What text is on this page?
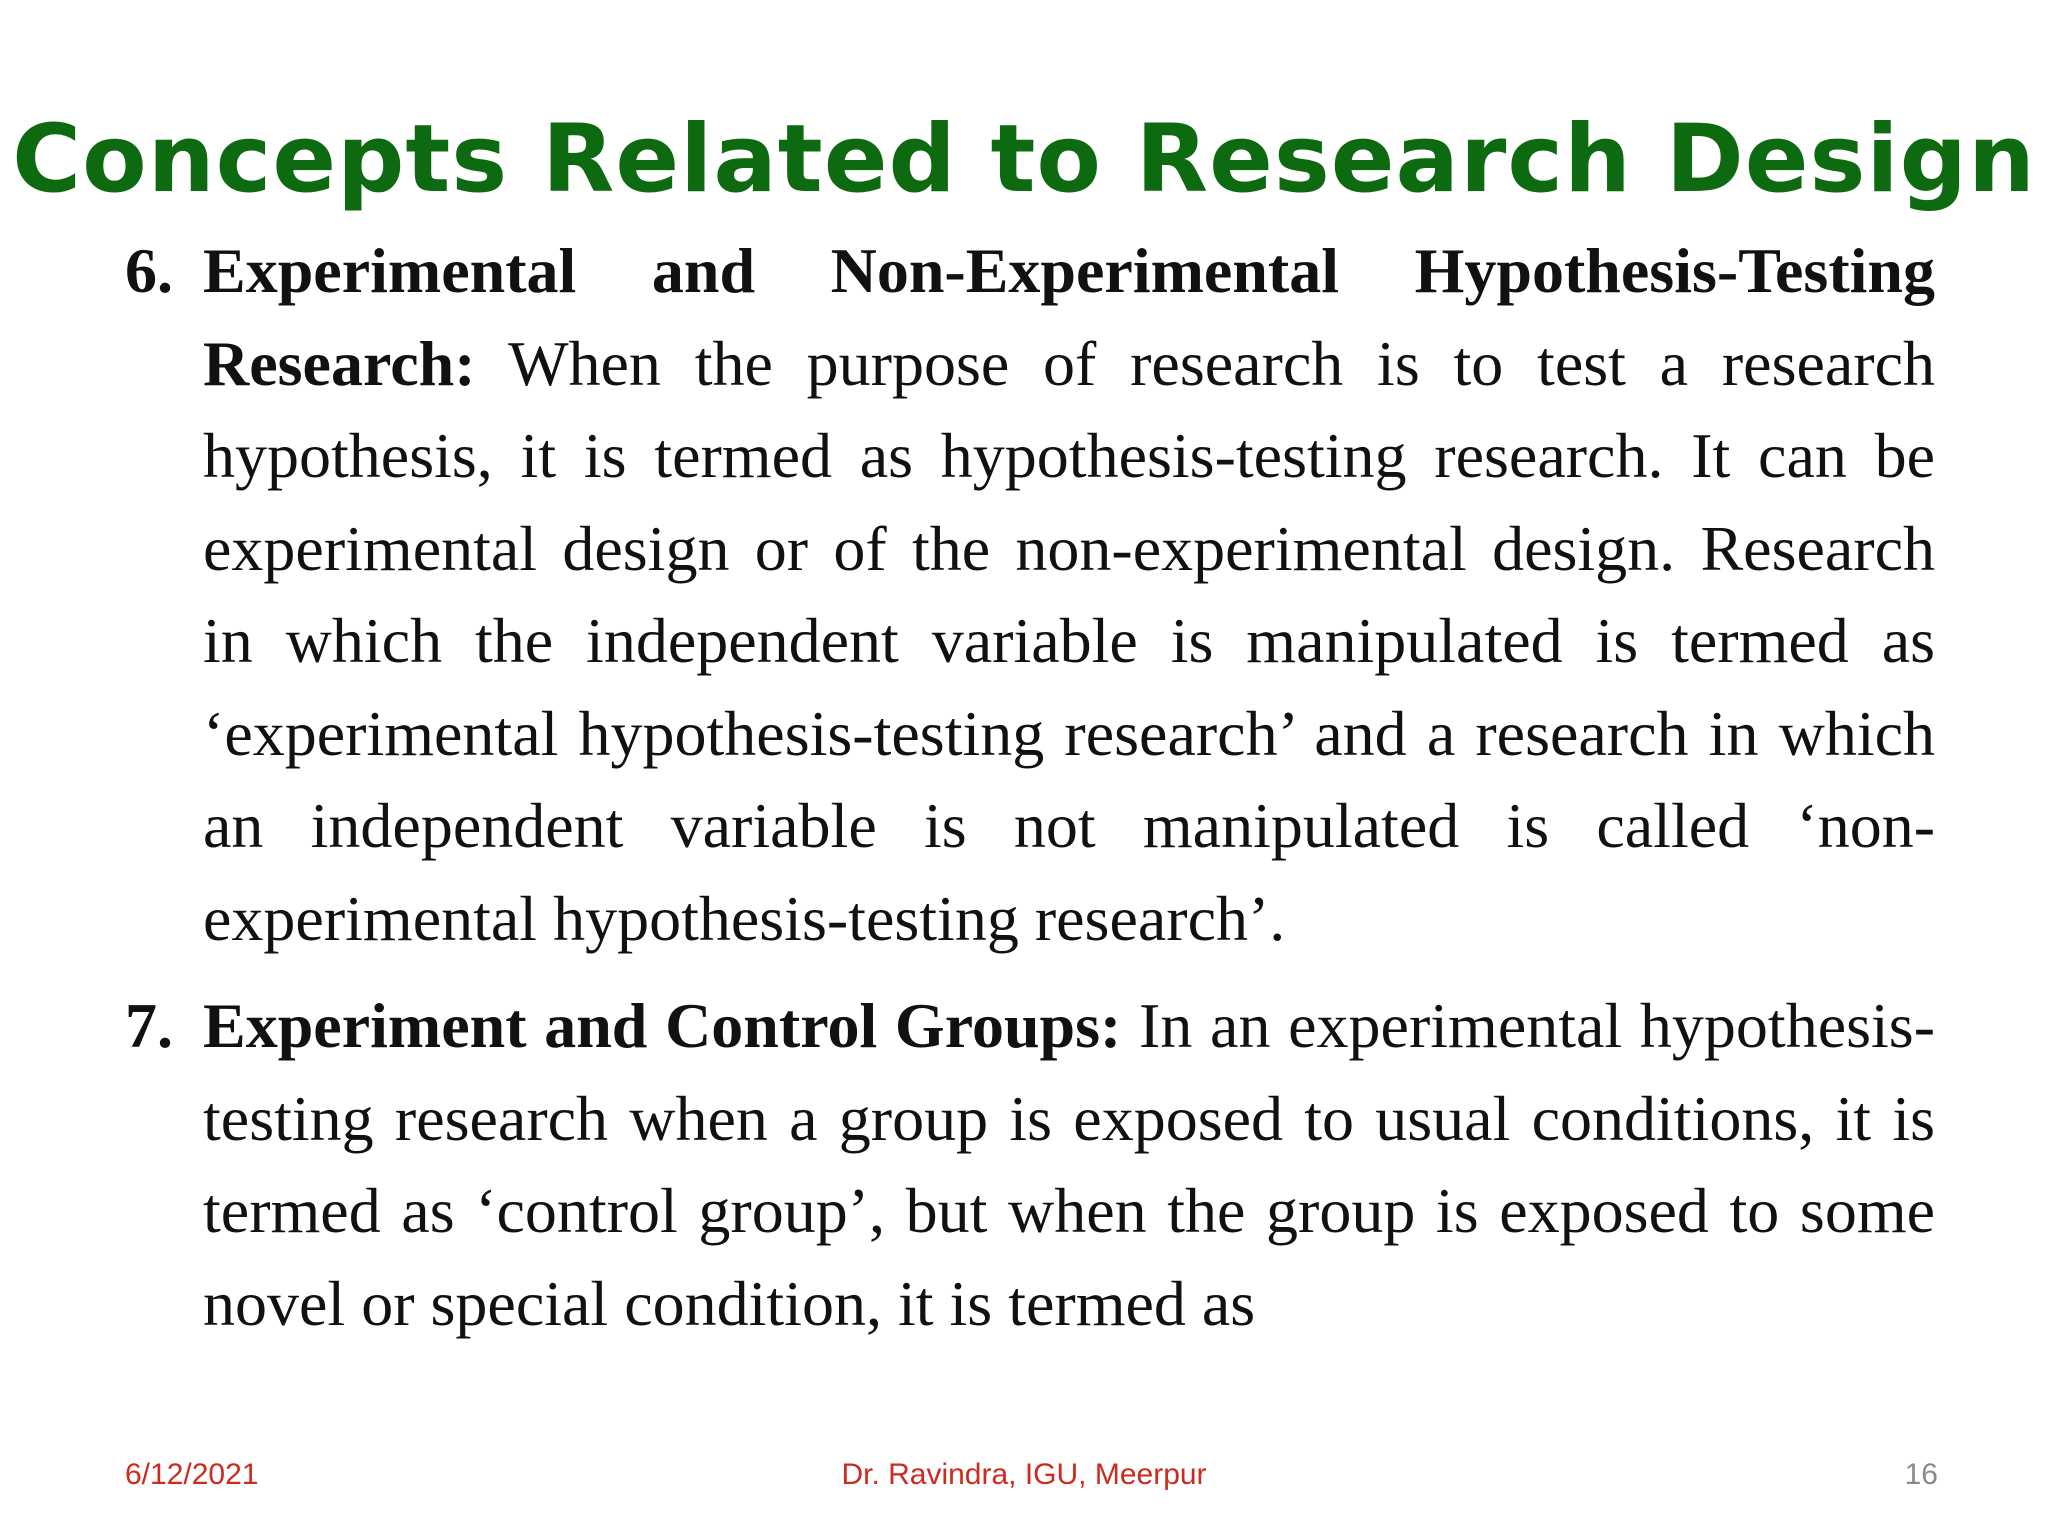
Concepts Related to Research Design
6. Experimental and Non-Experimental Hypothesis-Testing Research: When the purpose of research is to test a research hypothesis, it is termed as hypothesis-testing research. It can be experimental design or of the non-experimental design. Research in which the independent variable is manipulated is termed as ‘experimental hypothesis-testing research’ and a research in which an independent variable is not manipulated is called ‘non-experimental hypothesis-testing research’.
7. Experiment and Control Groups: In an experimental hypothesis-testing research when a group is exposed to usual conditions, it is termed as ‘control group’, but when the group is exposed to some novel or special condition, it is termed as
Dr. Ravindra, IGU, Meerpur
6/12/2021	16
